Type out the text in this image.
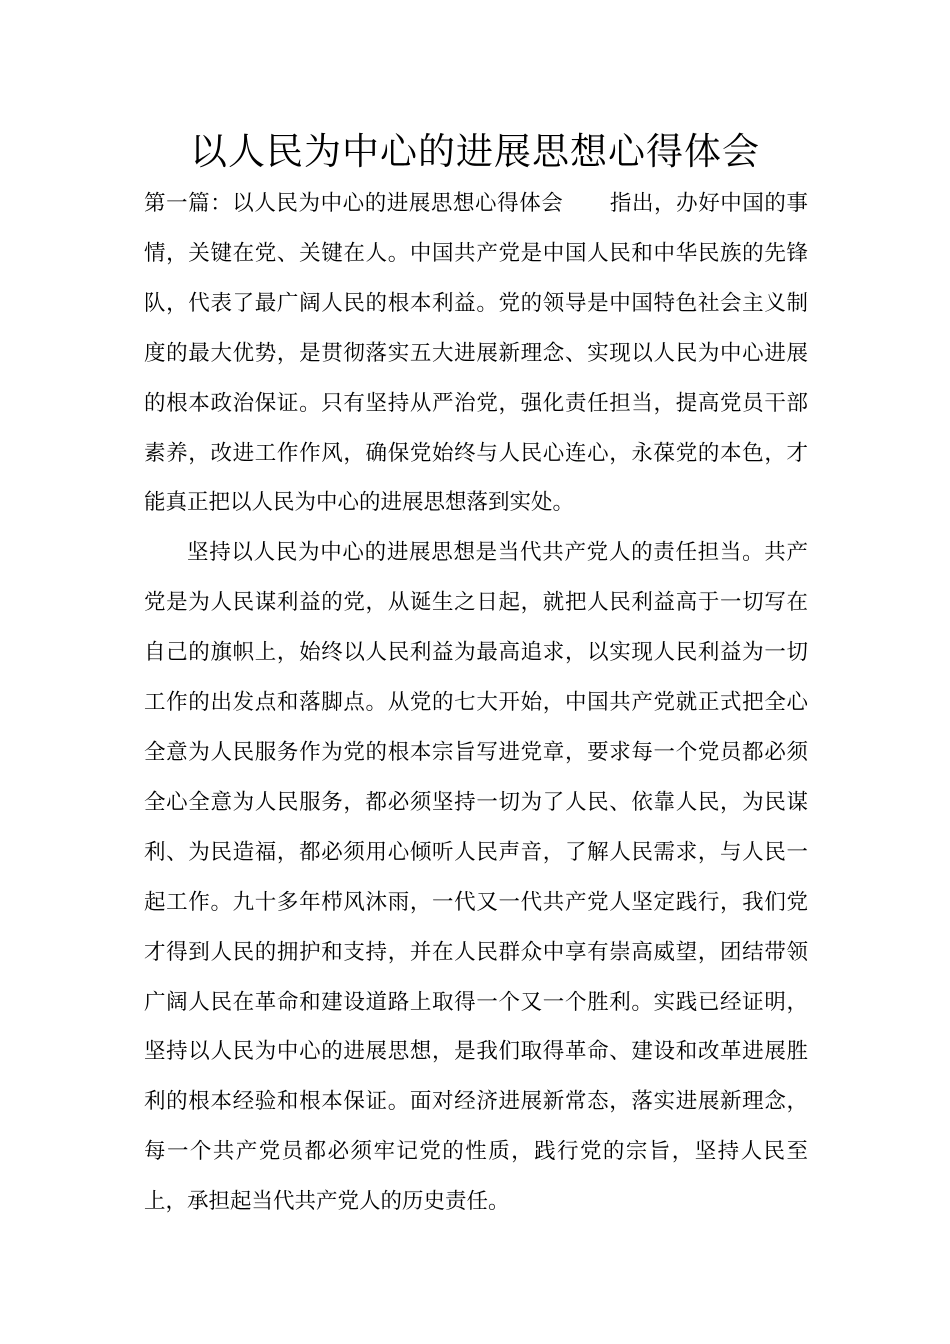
以人民为中心的进展思想心得体会

第一篇：以人民为中心的进展思想心得体会 指出，办好中国的事情，关键在党、关键在人。中国共产党是中国人民和中华民族的先锋队，代表了最广阔人民的根本利益。党的领导是中国特色社会主义制度的最大优势，是贯彻落实五大进展新理念、实现以人民为中心进展的根本政治保证。只有坚持从严治党，强化责任担当，提高党员干部素养，改进工作作风，确保党始终与人民心连心，永葆党的本色，才能真正把以人民为中心的进展思想落到实处。

坚持以人民为中心的进展思想是当代共产党人的责任担当。共产党是为人民谋利益的党，从诞生之日起，就把人民利益高于一切写在自己的旗帜上，始终以人民利益为最高追求，以实现人民利益为一切工作的出发点和落脚点。从党的七大开始，中国共产党就正式把全心全意为人民服务作为党的根本宗旨写进党章，要求每一个党员都必须全心全意为人民服务，都必须坚持一切为了人民、依靠人民，为民谋利、为民造福，都必须用心倾听人民声音，了解人民需求，与人民一起工作。九十多年栉风沐雨，一代又一代共产党人坚定践行，我们党才得到人民的拥护和支持，并在人民群众中享有崇高威望，团结带领广阔人民在革命和建设道路上取得一个又一个胜利。实践已经证明，坚持以人民为中心的进展思想，是我们取得革命、建设和改革进展胜利的根本经验和根本保证。面对经济进展新常态，落实进展新理念，每一个共产党员都必须牢记党的性质，践行党的宗旨，坚持人民至上，承担起当代共产党人的历史责任。
